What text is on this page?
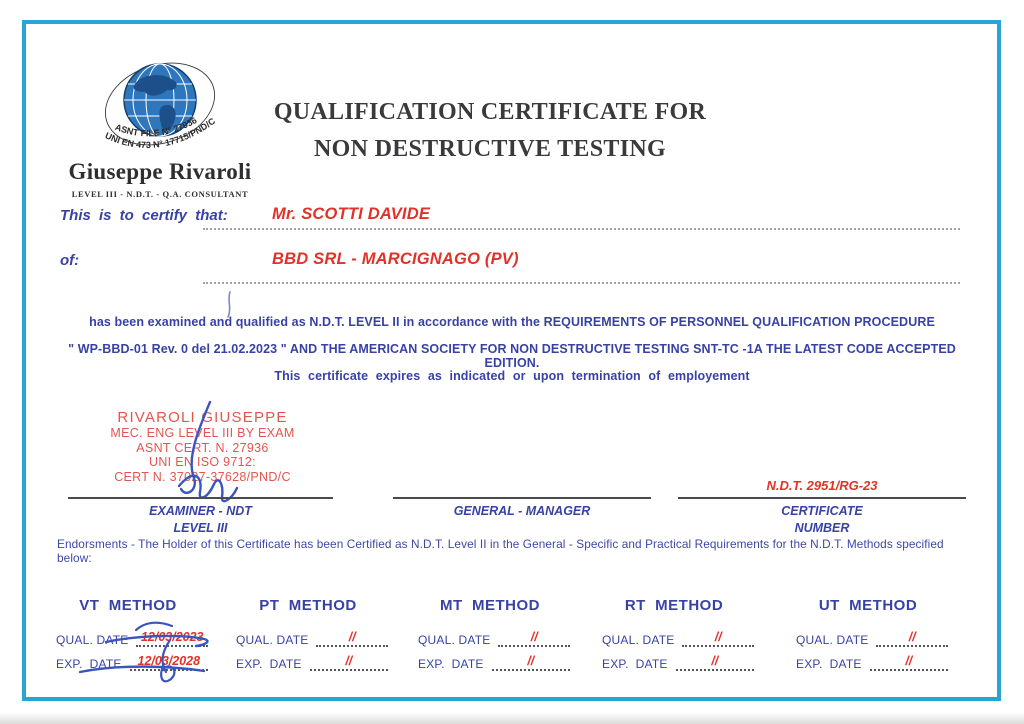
ASNT FILE N° 27936
UNI EN 473 N° 17715/PND/C
Giuseppe Rivaroli
LEVEL III - N.D.T. - Q.A. CONSULTANT
QUALIFICATION CERTIFICATE FOR
NON DESTRUCTIVE TESTING
This is to certify that:	Mr. SCOTTI DAVIDE
of:	BBD SRL - MARCIGNAGO (PV)
has been examined and qualified as N.D.T. LEVEL II in accordance with the REQUIREMENTS OF PERSONNEL QUALIFICATION PROCEDURE
" WP-BBD-01 Rev. 0 del 21.02.2023 " AND THE AMERICAN SOCIETY FOR NON DESTRUCTIVE TESTING SNT-TC -1A THE LATEST CODE ACCEPTED EDITION.
This certificate expires as indicated or upon termination of employement
RIVAROLI GIUSEPPE
MEC. ENG LEVEL III BY EXAM
ASNT CERT. N. 27936
UNI EN ISO 9712:
CERT N. 37027-37628/PND/C
EXAMINER - NDT
LEVEL III
GENERAL - MANAGER
N.D.T. 2951/RG-23
CERTIFICATE
NUMBER
Endorsments - The Holder of this Certificate has been Certified as N.D.T. Level II in the General - Specific and Practical Requirements for the N.D.T. Methods specified below:
VT  METHOD
QUAL. DATE 12/03/2023
EXP.  DATE	12/03/2028
PT  METHOD
QUAL. DATE	//
EXP.  DATE	//
MT  METHOD
QUAL. DATE	//
EXP.  DATE	//
RT  METHOD
QUAL. DATE	//
EXP.  DATE	//
UT  METHOD
QUAL. DATE	//
EXP.  DATE	//
